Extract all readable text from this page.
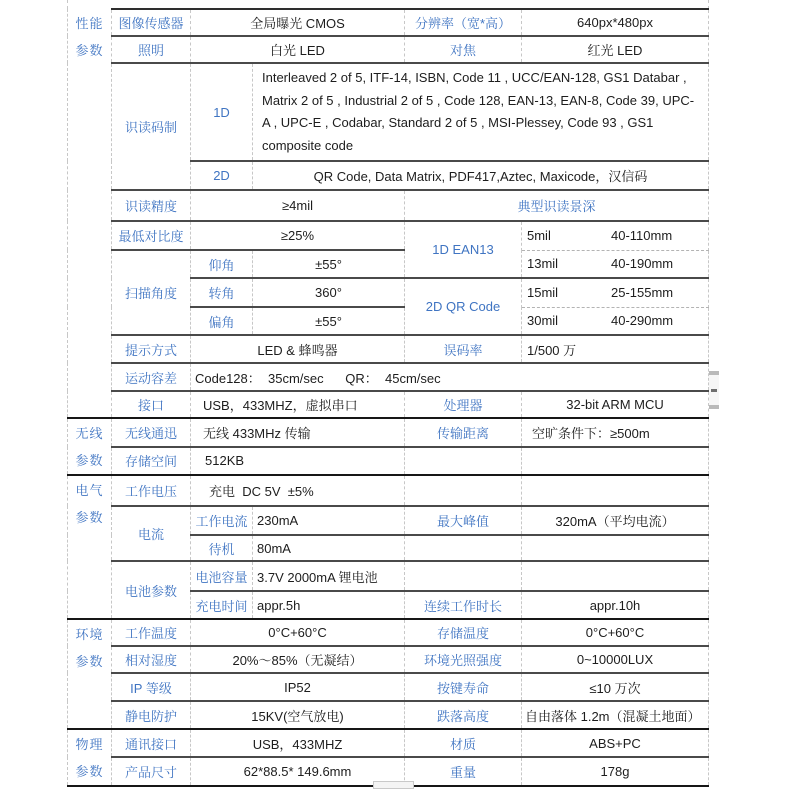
性能
参数	图像传感器	全局曝光 CMOS		分辨率（宽*高）	640px*480px
	照明	白光 LED		对焦	红光 LED
	识读码制	1D	Interleaved 2 of 5, ITF-14, ISBN, Code 11 , UCC/EAN-128, GS1 Databar , Matrix 2 of 5 , Industrial 2 of 5 , Code 128, EAN-13, EAN-8, Code 39, UPC-A , UPC-E , Codabar, Standard 2 of 5 , MSI-Plessey, Code 93 , GS1 composite code		
		2D	QR Code, Data Matrix, PDF417,Aztec, Maxicode，汉信码		
	识读精度	≥4mil		典型识读景深	
	最低对比度	≥25%		1D EAN13	5mil 40-110mm
	扫描角度	仰角	±55°		13mil 40-190mm
		转角	360°	2D QR Code	15mil 25-155mm
		偏角	±55°		30mil 40-290mm
	提示方式	LED & 蜂鸣器		误码率	1/500 万
	运动容差	Code128：  35cm/sec      QR：  45cm/sec			
	接口	USB，433MHZ，虚拟串口		处理器	32-bit ARM MCU
无线
参数	无线通迅	无线 433MHz 传输		传输距离	空旷条件下：≥500m
	存储空间	512KB			
电气
参数	工作电压	充电  DC 5V  ±5%			
	电流	工作电流	230mA	最大峰值	320mA（平均电流）
		待机	80mA		
	电池参数	电池容量	3.7V 2000mA 锂电池		
		充电时间	appr.5h	连续工作时长	appr.10h
环境
参数	工作温度	0°C+60°C		存储温度	0°C+60°C
	相对湿度	20%～85%（无凝结）		环境光照强度	0~10000LUX
	IP 等级	IP52		按键寿命	≤10 万次
	静电防护	15KV(空气放电)		跌落高度	自由落体 1.2m（混凝土地面）
物理
参数	通讯接口	USB，433MHZ		材质	ABS+PC
	产品尺寸	62*88.5* 149.6mm		重量	178g
